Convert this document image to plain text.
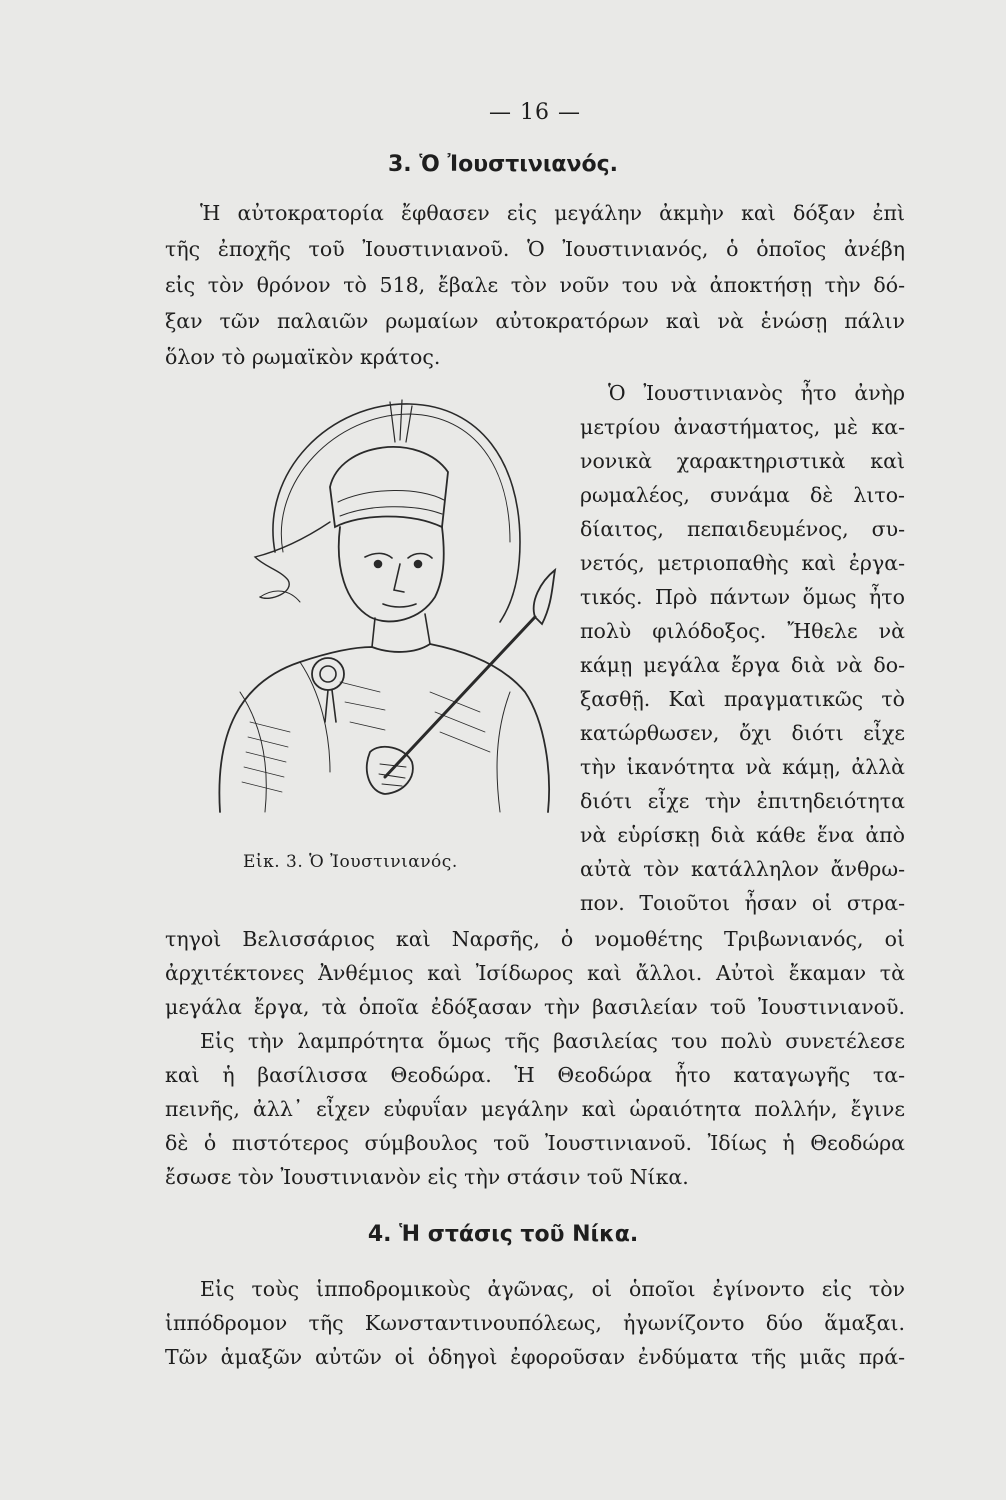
— 16 —
3. Ὁ Ἰουστινιανός.
Ἡ αὐτοκρατορία ἔφθασεν εἰς μεγάλην ἀκμὴν καὶ δόξαν ἐπὶ
τῆς ἐποχῆς τοῦ Ἰουστινιανοῦ. Ὁ Ἰουστινιανός, ὁ ὁποῖος ἀνέβη
εἰς τὸν θρόνον τὸ 518, ἔβαλε τὸν νοῦν του νὰ ἀποκτήσῃ τὴν δό-
ξαν τῶν παλαιῶν ρωμαίων αὐτοκρατόρων καὶ νὰ ἑνώσῃ πάλιν
ὅλον τὸ ρωμαϊκὸν κράτος.
Ὁ Ἰουστινιανὸς ἦτο ἀνὴρ
μετρίου ἀναστήματος, μὲ κα-
νονικὰ χαρακτηριστικὰ καὶ
ρωμαλέος, συνάμα δὲ λιτο-
δίαιτος, πεπαιδευμένος, συ-
νετός, μετριοπαθὴς καὶ ἐργα-
τικός. Πρὸ πάντων ὅμως ἦτο
πολὺ φιλόδοξος. Ἤθελε νὰ
κάμῃ μεγάλα ἔργα διὰ νὰ δο-
ξασθῇ. Καὶ πραγματικῶς τὸ
κατώρθωσεν, ὄχι διότι εἶχε
τὴν ἱκανότητα νὰ κάμῃ, ἀλλὰ
διότι εἶχε τὴν ἐπιτηδειότητα
νὰ εὑρίσκῃ διὰ κάθε ἕνα ἀπὸ
αὐτὰ τὸν κατάλληλον ἄνθρω-
πον. Τοιοῦτοι ἦσαν οἱ στρα-
τηγοὶ Βελισσάριος καὶ Ναρσῆς, ὁ νομοθέτης Τριβωνιανός, οἱ
ἀρχιτέκτονες Ἀνθέμιος καὶ Ἰσίδωρος καὶ ἄλλοι. Αὐτοὶ ἔκαμαν τὰ
μεγάλα ἔργα, τὰ ὁποῖα ἐδόξασαν τὴν βασιλείαν τοῦ Ἰουστινιανοῦ.
Εἰς τὴν λαμπρότητα ὅμως τῆς βασιλείας του πολὺ συνετέλεσε
καὶ ἡ βασίλισσα Θεοδώρα. Ἡ Θεοδώρα ἦτο καταγωγῆς τα-
πεινῆς, ἀλλ᾽ εἶχεν εὐφυΐαν μεγάλην καὶ ὡραιότητα πολλήν, ἔγινε
δὲ ὁ πιστότερος σύμβουλος τοῦ Ἰουστινιανοῦ. Ἰδίως ἡ Θεοδώρα
ἔσωσε τὸν Ἰουστινιανὸν εἰς τὴν στάσιν τοῦ Νίκα.
4. Ἡ στάσις τοῦ Νίκα.
Εἰς τοὺς ἱπποδρομικοὺς ἀγῶνας, οἱ ὁποῖοι ἐγίνοντο εἰς τὸν
ἱππόδρομον τῆς Κωνσταντινουπόλεως, ἠγωνίζοντο δύο ἅμαξαι.
Τῶν ἁμαξῶν αὐτῶν οἱ ὁδηγοὶ ἐφοροῦσαν ἐνδύματα τῆς μιᾶς πρά-
Εἰκ. 3. Ὁ Ἰουστινιανός.
